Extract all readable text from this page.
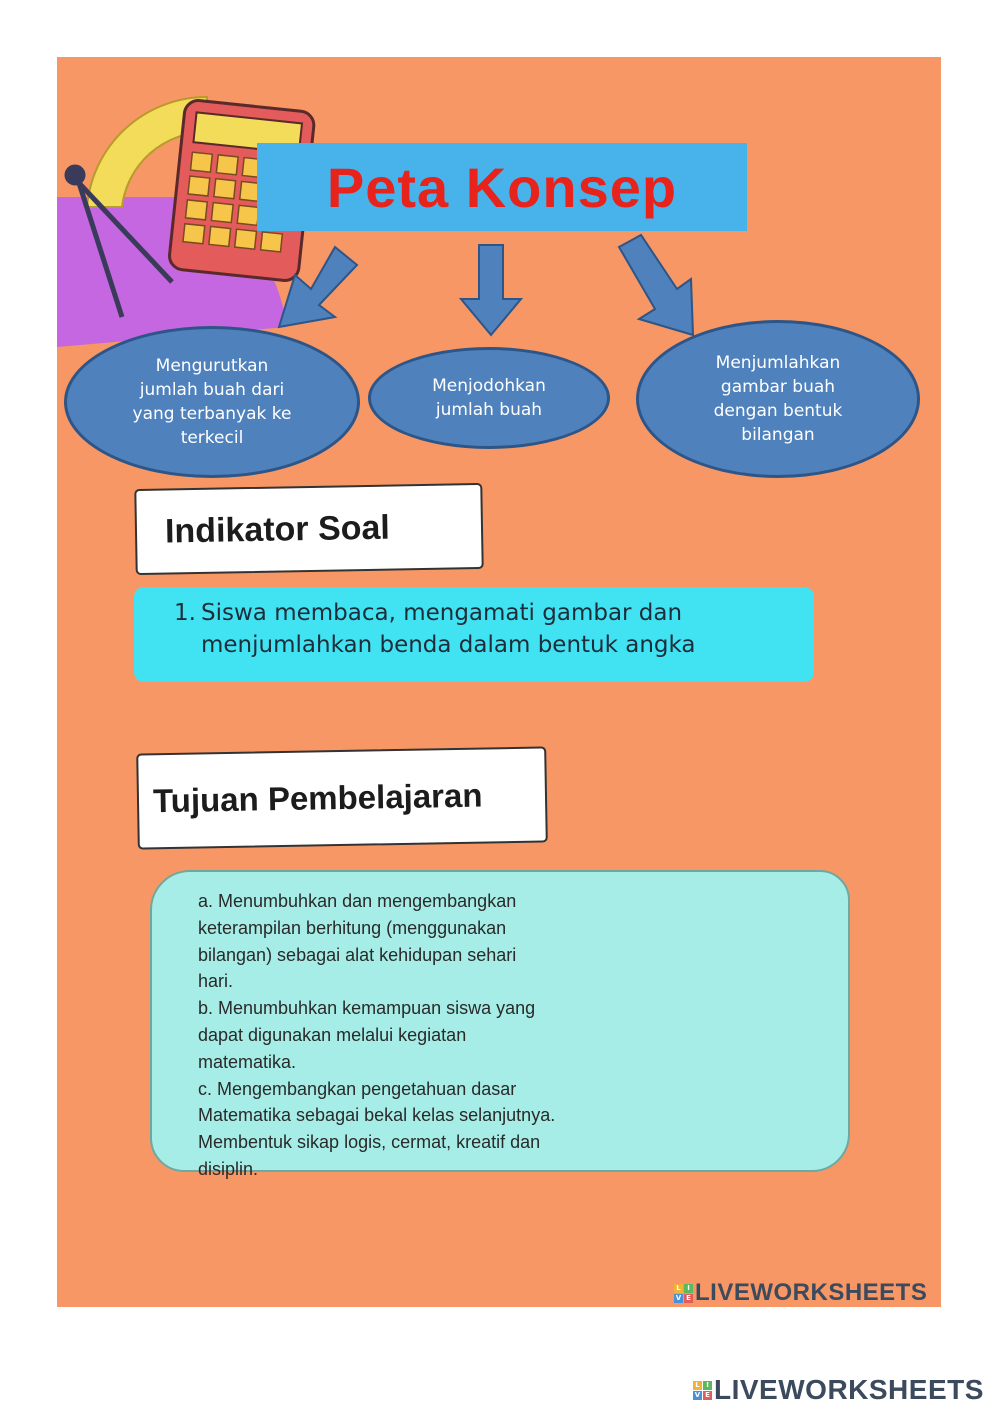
Peta Konsep
Mengurutkan
jumlah buah dari
yang terbanyak ke
terkecil
Menjodohkan
jumlah buah
Menjumlahkan
gambar buah
dengan bentuk
bilangan
Indikator Soal
1. Siswa membaca, mengamati gambar dan menjumlahkan benda dalam bentuk angka
Tujuan Pembelajaran
a. Menumbuhkan dan mengembangkan
keterampilan berhitung (menggunakan
bilangan) sebagai alat kehidupan sehari
hari.
b. Menumbuhkan kemampuan siswa yang
dapat digunakan melalui kegiatan
matematika.
c. Mengembangkan pengetahuan dasar
Matematika sebagai bekal kelas selanjutnya.
Membentuk sikap logis, cermat, kreatif dan
disiplin.
L I
V E LIVEWORKSHEETS
L I
V E LIVEWORKSHEETS
